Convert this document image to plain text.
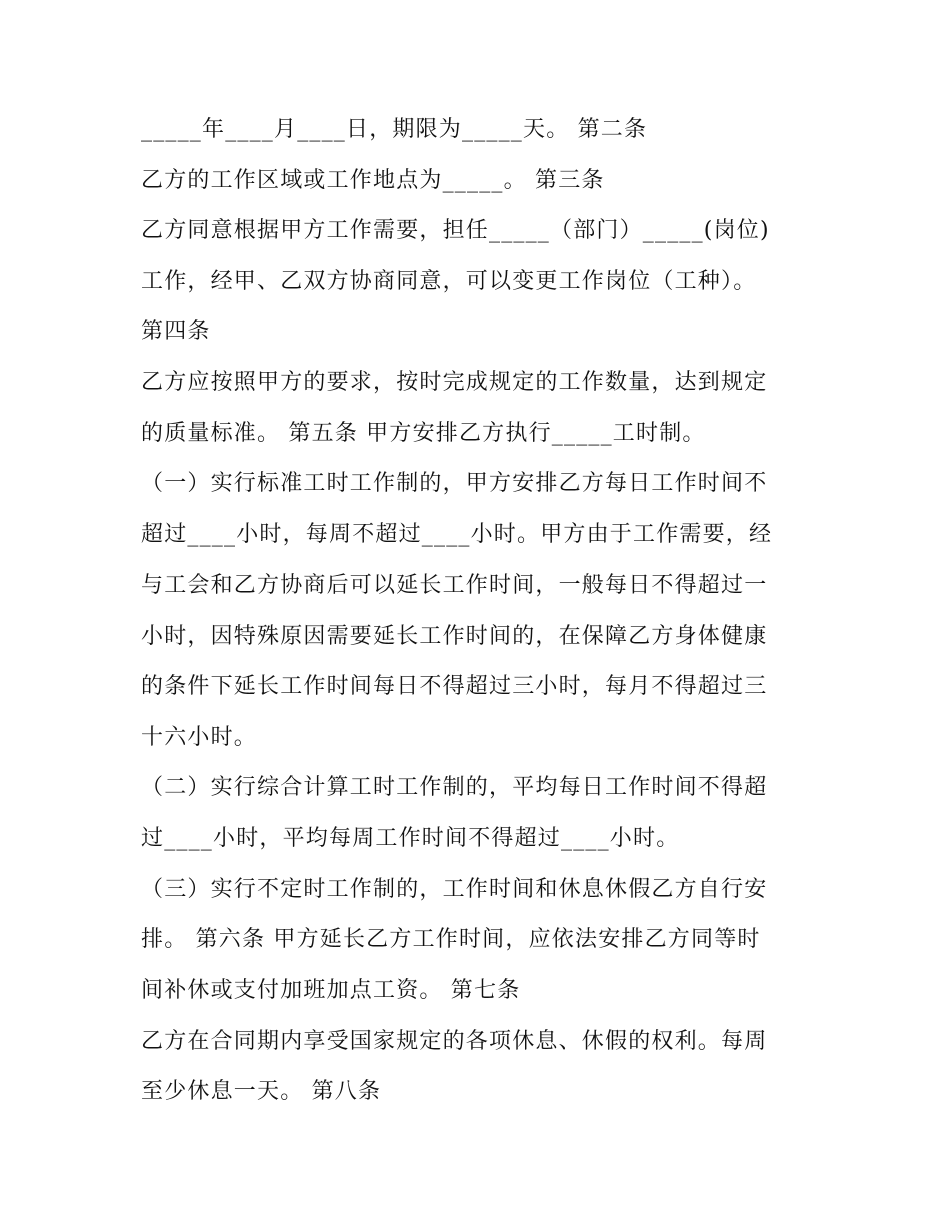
_____年____月____日，期限为_____天。 第二条
乙方的工作区域或工作地点为_____。 第三条
乙方同意根据甲方工作需要，担任_____（部门）_____(岗位)
工作，经甲、乙双方协商同意，可以变更工作岗位（工种）。
第四条
乙方应按照甲方的要求，按时完成规定的工作数量，达到规定
的质量标准。 第五条 甲方安排乙方执行_____工时制。
（一）实行标准工时工作制的，甲方安排乙方每日工作时间不
超过____小时，每周不超过____小时。甲方由于工作需要，经
与工会和乙方协商后可以延长工作时间，一般每日不得超过一
小时，因特殊原因需要延长工作时间的，在保障乙方身体健康
的条件下延长工作时间每日不得超过三小时，每月不得超过三
十六小时。
（二）实行综合计算工时工作制的，平均每日工作时间不得超
过____小时，平均每周工作时间不得超过____小时。
（三）实行不定时工作制的，工作时间和休息休假乙方自行安
排。 第六条 甲方延长乙方工作时间，应依法安排乙方同等时
间补休或支付加班加点工资。 第七条
乙方在合同期内享受国家规定的各项休息、休假的权利。每周
至少休息一天。 第八条
